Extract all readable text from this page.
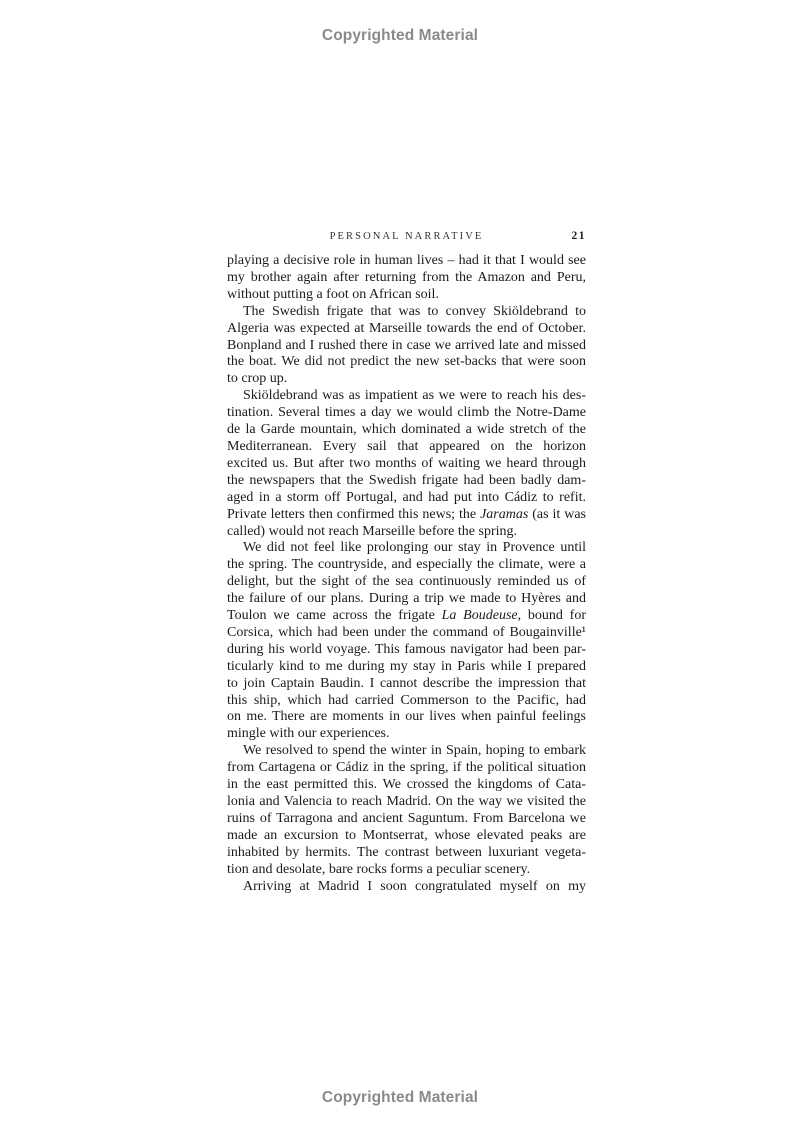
Copyrighted Material
PERSONAL NARRATIVE	21

playing a decisive role in human lives – had it that I would see
my brother again after returning from the Amazon and Peru,
without putting a foot on African soil.

The Swedish frigate that was to convey Skiöldebrand to
Algeria was expected at Marseille towards the end of October.
Bonpland and I rushed there in case we arrived late and missed
the boat. We did not predict the new set-backs that were soon
to crop up.

Skiöldebrand was as impatient as we were to reach his des-
tination. Several times a day we would climb the Notre-Dame
de la Garde mountain, which dominated a wide stretch of the
Mediterranean. Every sail that appeared on the horizon
excited us. But after two months of waiting we heard through
the newspapers that the Swedish frigate had been badly dam-
aged in a storm off Portugal, and had put into Cádiz to refit.
Private letters then confirmed this news; the Jaramas (as it was
called) would not reach Marseille before the spring.

We did not feel like prolonging our stay in Provence until
the spring. The countryside, and especially the climate, were a
delight, but the sight of the sea continuously reminded us of
the failure of our plans. During a trip we made to Hyères and
Toulon we came across the frigate La Boudeuse, bound for
Corsica, which had been under the command of Bougainville¹
during his world voyage. This famous navigator had been par-
ticularly kind to me during my stay in Paris while I prepared
to join Captain Baudin. I cannot describe the impression that
this ship, which had carried Commerson to the Pacific, had
on me. There are moments in our lives when painful feelings
mingle with our experiences.

We resolved to spend the winter in Spain, hoping to embark
from Cartagena or Cádiz in the spring, if the political situation
in the east permitted this. We crossed the kingdoms of Cata-
lonia and Valencia to reach Madrid. On the way we visited the
ruins of Tarragona and ancient Saguntum. From Barcelona we
made an excursion to Montserrat, whose elevated peaks are
inhabited by hermits. The contrast between luxuriant vegeta-
tion and desolate, bare rocks forms a peculiar scenery.

Arriving at Madrid I soon congratulated myself on my

Copyrighted Material
